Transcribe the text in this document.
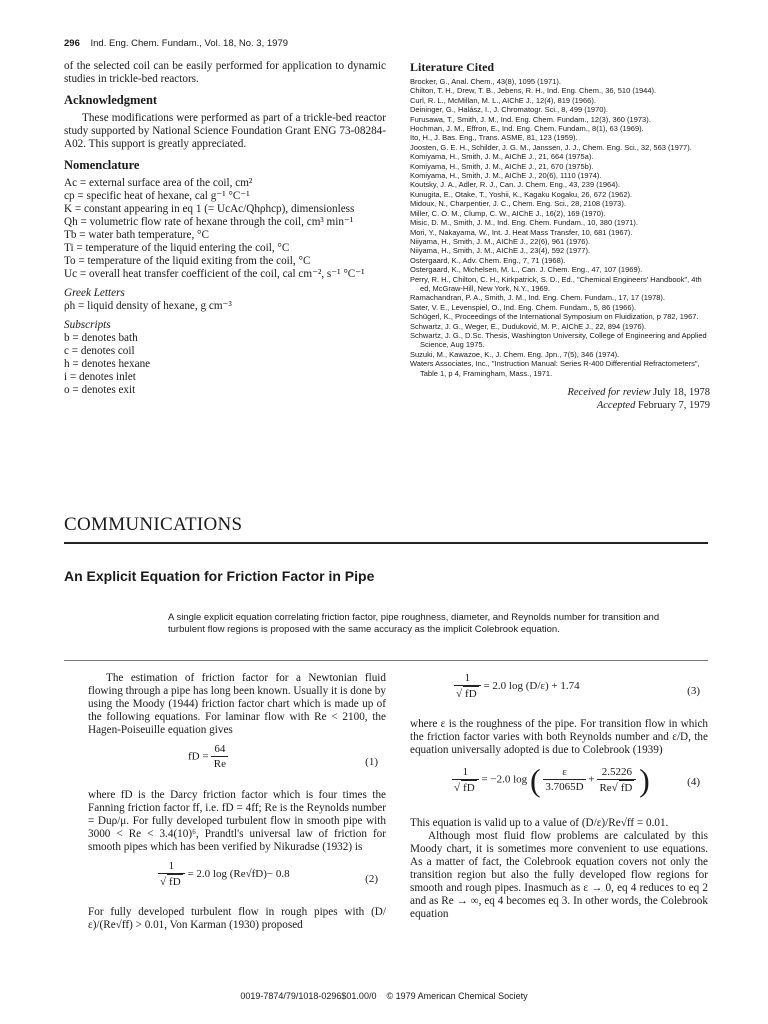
296 Ind. Eng. Chem. Fundam., Vol. 18, No. 3, 1979

of the selected coil can be easily performed for application to dynamic studies in trickle-bed reactors.

Acknowledgment

These modifications were performed as part of a trickle-bed reactor study supported by National Science Foundation Grant ENG 73-08284-A02. This support is greatly appreciated.

Nomenclature

Ac = external surface area of the coil, cm²

cp = specific heat of hexane, cal g⁻¹ °C⁻¹

K = constant appearing in eq 1 (= UcAc/Qhρhcp), dimensionless

Qh = volumetric flow rate of hexane through the coil, cm³ min⁻¹

Tb = water bath temperature, °C

Ti = temperature of the liquid entering the coil, °C

To = temperature of the liquid exiting from the coil, °C

Uc = overall heat transfer coefficient of the coil, cal cm⁻², s⁻¹ °C⁻¹

Greek Letters

ρh = liquid density of hexane, g cm⁻³

Subscripts

b = denotes bath

c = denotes coil

h = denotes hexane

i = denotes inlet

o = denotes exit

Literature Cited

Brocker, G., Anal. Chem., 43(8), 1095 (1971).

Chilton, T. H., Drew, T. B., Jebens, R. H., Ind. Eng. Chem., 36, 510 (1944).

Curl, R. L., McMillan, M. L., AIChE J., 12(4), 819 (1966).

Deininger, G., Halász, I., J. Chromatogr. Sci., 8, 499 (1970).

Furusawa, T., Smith, J. M., Ind. Eng. Chem. Fundam., 12(3), 360 (1973).

Hochman, J. M., Effron, E., Ind. Eng. Chem. Fundam., 8(1), 63 (1969).

Ito, H., J. Bas. Eng., Trans. ASME, 81, 123 (1959).

Joosten, G. E. H., Schilder, J. G. M., Janssen, J. J., Chem. Eng. Sci., 32, 563 (1977).

Komiyama, H., Smith, J. M., AIChE J., 21, 664 (1975a).

Komiyama, H., Smith, J. M., AIChE J., 21, 670 (1975b).

Komiyama, H., Smith, J. M., AIChE J., 20(6), 1110 (1974).

Koutsky, J. A., Adler, R. J., Can. J. Chem. Eng., 43, 239 (1964).

Kunugita, E., Otake, T., Yoshii, K., Kagaku Kogaku, 26, 672 (1962).

Midoux, N., Charpentier, J. C., Chem. Eng. Sci., 28, 2108 (1973).

Miller, C. O. M., Clump, C. W., AIChE J., 16(2), 169 (1970).

Misic, D. M., Smith, J. M., Ind. Eng. Chem. Fundam., 10, 380 (1971).

Mori, Y., Nakayama, W., Int. J. Heat Mass Transfer, 10, 681 (1967).

Niiyama, H., Smith, J. M., AIChE J., 22(6), 961 (1976).

Niiyama, H., Smith, J. M., AIChE J., 23(4), 592 (1977).

Ostergaard, K., Adv. Chem. Eng., 7, 71 (1968).

Ostergaard, K., Michelsen, M. L., Can. J. Chem. Eng., 47, 107 (1969).

Perry, R. H., Chilton, C. H., Kirkpatrick, S. D., Ed., "Chemical Engineers' Handbook", 4th ed, McGraw-Hill, New York, N.Y., 1969.

Ramachandran, P. A., Smith, J. M., Ind. Eng. Chem. Fundam., 17, 17 (1978).

Sater, V. E., Levenspiel, O., Ind. Eng. Chem. Fundam., 5, 86 (1966).

Schügerl, K., Proceedings of the International Symposium on Fluidization, p 782, 1967.

Schwartz, J. G., Weger, E., Duduković, M. P., AIChE J., 22, 894 (1976).

Schwartz, J. G., D.Sc. Thesis, Washington University, College of Engineering and Applied Science, Aug 1975.

Suzuki, M., Kawazoe, K., J. Chem. Eng. Jpn., 7(5), 346 (1974).

Waters Associates, Inc., "Instruction Manual: Series R-400 Differential Refractometers", Table 1, p 4, Framingham, Mass., 1971.

Received for review July 18, 1978
Accepted February 7, 1979
COMMUNICATIONS
An Explicit Equation for Friction Factor in Pipe
A single explicit equation correlating friction factor, pipe roughness, diameter, and Reynolds number for transition and turbulent flow regions is proposed with the same accuracy as the implicit Colebrook equation.

The estimation of friction factor for a Newtonian fluid flowing through a pipe has long been known. Usually it is done by using the Moody (1944) friction factor chart which is made up of the following equations. For laminar flow with Re < 2100, the Hagen-Poiseuille equation gives

fD = $\frac{64}{Re}$	(1)

where fD is the Darcy friction factor which is four times the Fanning friction factor ff, i.e. fD = 4ff; Re is the Reynolds number = Duρ/μ. For fully developed turbulent flow in smooth pipe with 3000 < Re < 3.4(10)⁶, Prandtl's universal law of friction for smooth pipes which has been verified by Nikuradse (1932) is

$\frac{1}{√ fD} = 2.0$ log (Re√fD)− 0.8	(2)

For fully developed turbulent flow in rough pipes with (D/ε)/(Re√ff) > 0.01, Von Karman (1930) proposed

$\frac{1}{√ fD} = 2.0$ log (D/ε) + 1.74	(3)

where ε is the roughness of the pipe. For transition flow in which the friction factor varies with both Reynolds number and ε/D, the equation universally adopted is due to Colebrook (1939)

$\frac{1}{√ fD} = -2.0$ log ( $\frac{\varepsilon}{3.7065D} + \frac{2.5226}{Re√ fD}$ )	(4)

This equation is valid up to a value of (D/ε)/Re√ff = 0.01.

Although most fluid flow problems are calculated by this Moody chart, it is sometimes more convenient to use equations. As a matter of fact, the Colebrook equation covers not only the transition region but also the fully developed flow regions for smooth and rough pipes. Inasmuch as ε → 0, eq 4 reduces to eq 2 and as Re → ∞, eq 4 becomes eq 3. In other words, the Colebrook equation

0019-7874/79/1018-0296$01.00/0 © 1979 American Chemical Society
